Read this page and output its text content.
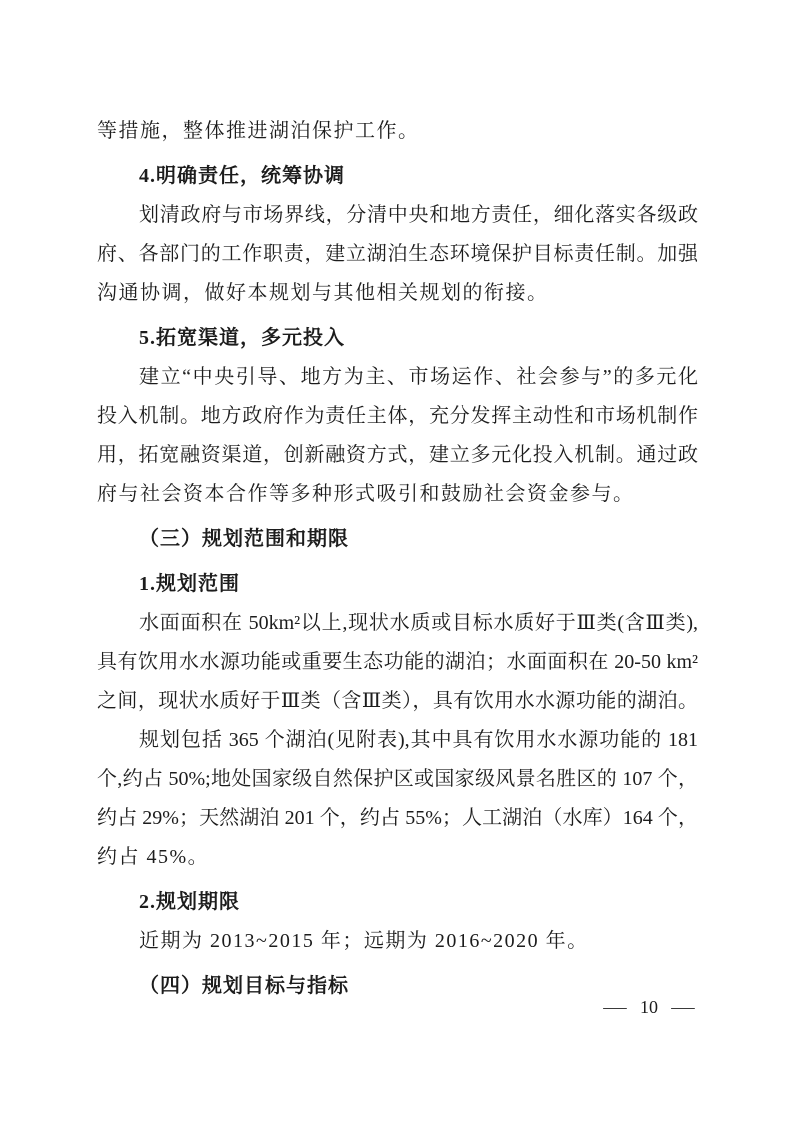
等措施，整体推进湖泊保护工作。
4.明确责任，统筹协调
划清政府与市场界线，分清中央和地方责任，细化落实各级政
府、各部门的工作职责，建立湖泊生态环境保护目标责任制。加强
沟通协调，做好本规划与其他相关规划的衔接。
5.拓宽渠道，多元投入
建立“中央引导、地方为主、市场运作、社会参与”的多元化
投入机制。地方政府作为责任主体，充分发挥主动性和市场机制作
用，拓宽融资渠道，创新融资方式，建立多元化投入机制。通过政
府与社会资本合作等多种形式吸引和鼓励社会资金参与。
（三）规划范围和期限
1.规划范围
水面面积在 50km²以上,现状水质或目标水质好于Ⅲ类(含Ⅲ类),
具有饮用水水源功能或重要生态功能的湖泊；水面面积在 20-50 km²
之间，现状水质好于Ⅲ类（含Ⅲ类），具有饮用水水源功能的湖泊。
规划包括 365 个湖泊(见附表),其中具有饮用水水源功能的 181
个,约占 50%;地处国家级自然保护区或国家级风景名胜区的 107 个，
约占 29%；天然湖泊 201 个，约占 55%；人工湖泊（水库）164 个，
约占 45%。
2.规划期限
近期为 2013~2015 年；远期为 2016~2020 年。
（四）规划目标与指标
— 10 —
